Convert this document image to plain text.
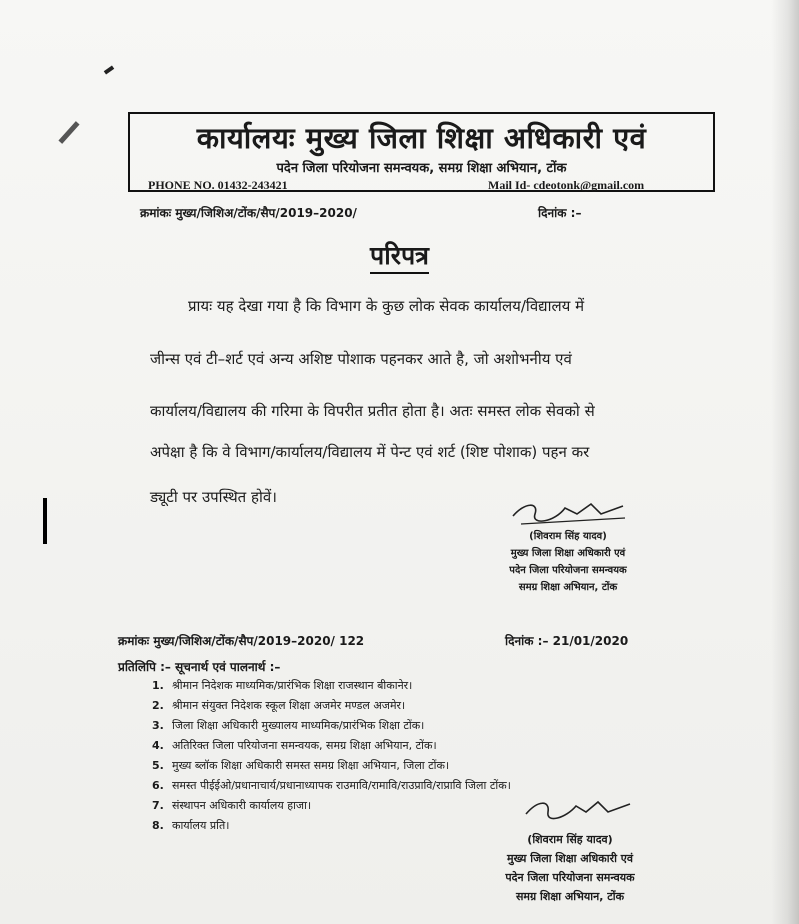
कार्यालयः मुख्य जिला शिक्षा अधिकारी एवं
पदेन जिला परियोजना समन्वयक, समग्र शिक्षा अभियान, टोंक
PHONE NO. 01432-243421	Mail Id- cdeotonk@gmail.com
क्रमांकः मुख्य/जिशिअ/टोंक/सैप/2019–2020/	दिनांक :–
परिपत्र
प्रायः यह देखा गया है कि विभाग के कुछ लोक सेवक कार्यालय/विद्यालय में
जीन्स एवं टी–शर्ट एवं अन्य अशिष्ट पोशाक पहनकर आते है, जो अशोभनीय एवं
कार्यालय/विद्यालय की गरिमा के विपरीत प्रतीत होता है। अतः समस्त लोक सेवको से
अपेक्षा है कि वे विभाग/कार्यालय/विद्यालय में पेन्ट एवं शर्ट (शिष्ट पोशाक) पहन कर
ड्यूटी पर उपस्थित होवें।
(शिवराम सिंह यादव)
मुख्य जिला शिक्षा अधिकारी एवं
पदेन जिला परियोजना समन्वयक
समग्र शिक्षा अभियान, टोंक
क्रमांकः मुख्य/जिशिअ/टोंक/सैप/2019–2020/ 122	दिनांक :– 21/01/2020
प्रतिलिपि :– सूचनार्थ एवं पालनार्थ :–
1. श्रीमान निदेशक माध्यमिक/प्रारंभिक शिक्षा राजस्थान बीकानेर।
2. श्रीमान संयुक्त निदेशक स्कूल शिक्षा अजमेर मण्डल अजमेर।
3. जिला शिक्षा अधिकारी मुख्यालय माध्यमिक/प्रारंभिक शिक्षा टोंक।
4. अतिरिक्त जिला परियोजना समन्वयक, समग्र शिक्षा अभियान, टोंक।
5. मुख्य ब्लॉक शिक्षा अधिकारी समस्त समग्र शिक्षा अभियान, जिला टोंक।
6. समस्त पीईईओ/प्रधानाचार्य/प्रधानाध्यापक राउमावि/रामावि/राउप्रावि/राप्रावि जिला टोंक।
7. संस्थापन अधिकारी कार्यालय हाजा।
8. कार्यालय प्रति।
(शिवराम सिंह यादव)
मुख्य जिला शिक्षा अधिकारी एवं
पदेन जिला परियोजना समन्वयक
समग्र शिक्षा अभियान, टोंक
